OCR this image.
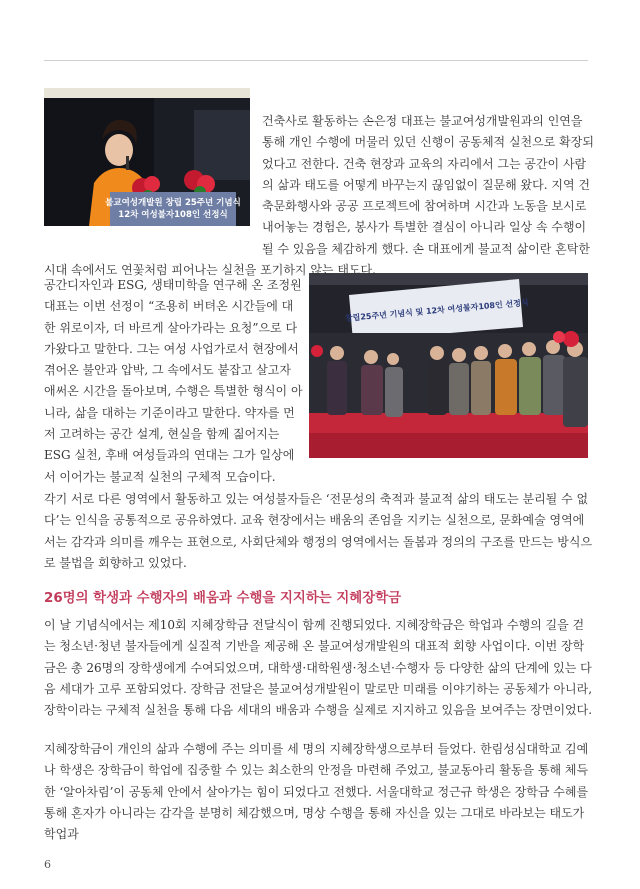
불교여성개발원 창립 25주년 기념식
12차 여성불자108인 선정식
창립25주년 기념식 및 12차 여성불자108인 선정식
건축사로 활동하는 손은정 대표는 불교여성개발원과의 인연을 통해 개인 수행에 머물러 있던 신행이 공동체적 실천으로 확장되었다고 전한다. 건축 현장과 교육의 자리에서 그는 공간이 사람의 삶과 태도를 어떻게 바꾸는지 끊임없이 질문해 왔다. 지역 건축문화행사와 공공 프로젝트에 참여하며 시간과 노동을 보시로 내어놓는 경험은, 봉사가 특별한 결심이 아니라 일상 속 수행이 될 수 있음을 체감하게 했다. 손 대표에게 불교적 삶이란 혼탁한 시대 속에서도 연꽃처럼 피어나는 실천을 포기하지 않는 태도다.
공간디자인과 ESG, 생태미학을 연구해 온 조정원 대표는 이번 선정이 “조용히 버텨온 시간들에 대한 위로이자, 더 바르게 살아가라는 요청”으로 다가왔다고 말한다. 그는 여성 사업가로서 현장에서 겪어온 불안과 압박, 그 속에서도 붙잡고 살고자 애써온 시간을 돌아보며, 수행은 특별한 형식이 아니라, 삶을 대하는 기준이라고 말한다. 약자를 먼저 고려하는 공간 설계, 현실을 함께 짊어지는 ESG 실천, 후배 여성들과의 연대는 그가 일상에서 이어가는 불교적 실천의 구체적 모습이다.

각기 서로 다른 영역에서 활동하고 있는 여성불자들은 ‘전문성의 축적과 불교적 삶의 태도는 분리될 수 없다’는 인식을 공통적으로 공유하였다. 교육 현장에서는 배움의 존엄을 지키는 실천으로, 문화예술 영역에서는 감각과 의미를 깨우는 표현으로, 사회단체와 행정의 영역에서는 돌봄과 정의의 구조를 만드는 방식으로 불법을 회향하고 있었다.

26명의 학생과 수행자의 배움과 수행을 지지하는 지혜장학금

이 날 기념식에서는 제10회 지혜장학금 전달식이 함께 진행되었다. 지혜장학금은 학업과 수행의 길을 걷는 청소년·청년 불자들에게 실질적 기반을 제공해 온 불교여성개발원의 대표적 회향 사업이다. 이번 장학금은 총 26명의 장학생에게 수여되었으며, 대학생·대학원생·청소년·수행자 등 다양한 삶의 단계에 있는 다음 세대가 고루 포함되었다. 장학금 전달은 불교여성개발원이 말로만 미래를 이야기하는 공동체가 아니라, 장학이라는 구체적 실천을 통해 다음 세대의 배움과 수행을 실제로 지지하고 있음을 보여주는 장면이었다.

지혜장학금이 개인의 삶과 수행에 주는 의미를 세 명의 지혜장학생으로부터 들었다. 한림성심대학교 김예나 학생은 장학금이 학업에 집중할 수 있는 최소한의 안정을 마련해 주었고, 불교동아리 활동을 통해 체득한 ‘알아차림’이 공동체 안에서 살아가는 힘이 되었다고 전했다. 서울대학교 정근규 학생은 장학금 수혜를 통해 혼자가 아니라는 감각을 분명히 체감했으며, 명상 수행을 통해 자신을 있는 그대로 바라보는 태도가 학업과

6
